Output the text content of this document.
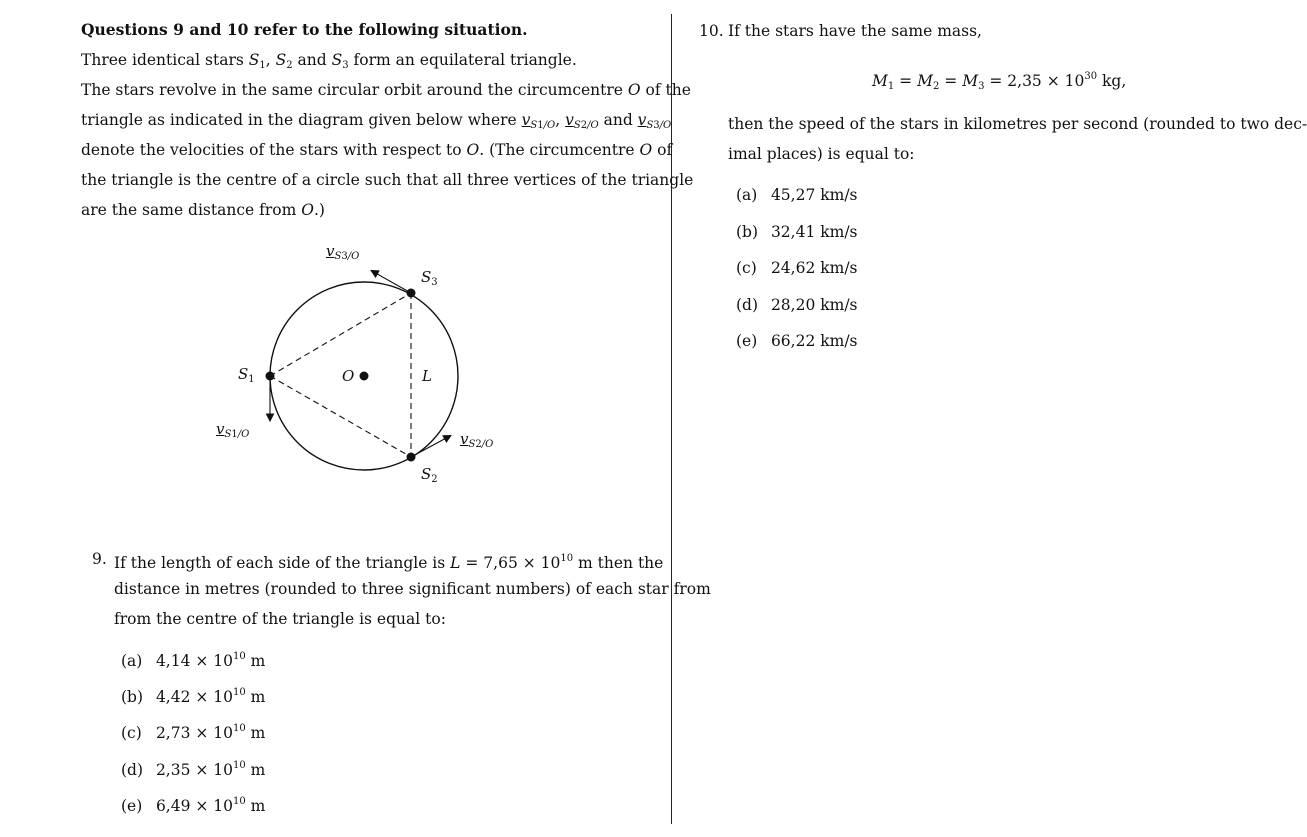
Questions 9 and 10 refer to the following situation.
Three identical stars $S_1$, $S_2$ and $S_3$ form an equilateral triangle.
The stars revolve in the same circular orbit around the circumcentre O of the
triangle as indicated in the diagram given below where $v_{S1/O}$, $v_{S2/O}$ and $v_{S3/O}$
denote the velocities of the stars with respect to O. (The circumcentre O of
the triangle is the centre of a circle such that all three vertices of the triangle
are the same distance from O.)
$S_1$
$S_2$
$S_3$
O	L
$v_{S1/O}$	$v_{S2/O}$
$v_{S3/O}$
9. If the length of each side of the triangle is $L = 7,65 \times 10^{10}$ m then the
distance in metres (rounded to three significant numbers) of each star from
from the centre of the triangle is equal to:
(a) $4,14 \times 10^{10}$ m
(b) $4,42 \times 10^{10}$ m
(c) $2,73 \times 10^{10}$ m
(d) $2,35 \times 10^{10}$ m
(e) $6,49 \times 10^{10}$ m
10. If the stars have the same mass,
$M_1 = M_2 = M_3 = 2,35 \times 10^{30}$ kg,
then the speed of the stars in kilometres per second (rounded to two dec-
imal places) is equal to:
(a) 45,27 km/s
(b) 32,41 km/s
(c) 24,62 km/s
(d) 28,20 km/s
(e) 66,22 km/s
